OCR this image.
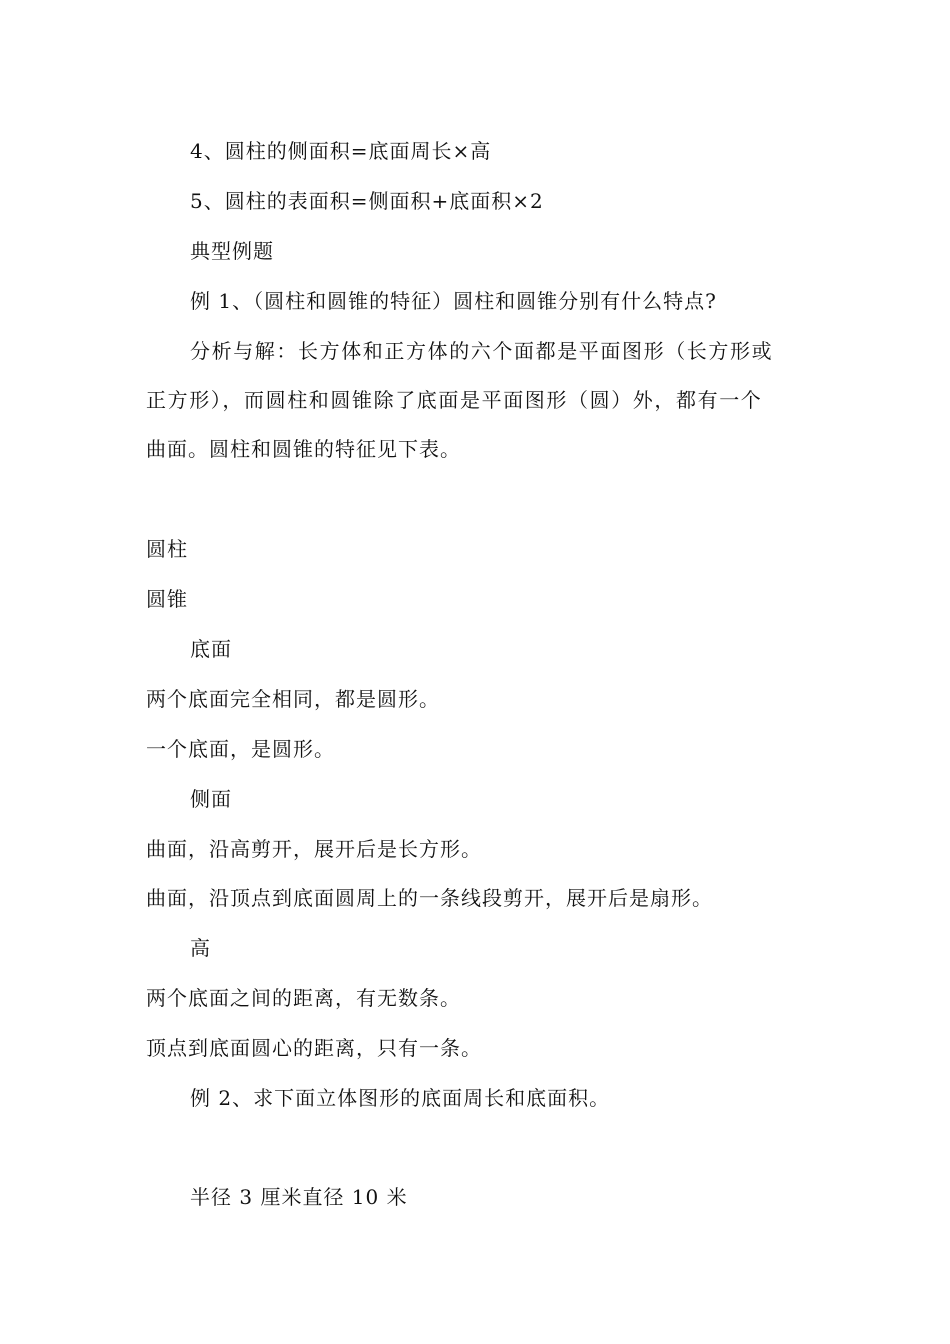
4、圆柱的侧面积=底面周长×高
5、圆柱的表面积=侧面积+底面积×2
典型例题
例 1、（圆柱和圆锥的特征）圆柱和圆锥分别有什么特点?
分析与解：长方体和正方体的六个面都是平面图形（长方形或
正方形），而圆柱和圆锥除了底面是平面图形（圆）外，都有一个
曲面。圆柱和圆锥的特征见下表。
圆柱
圆锥
底面
两个底面完全相同，都是圆形。
一个底面，是圆形。
侧面
曲面，沿高剪开，展开后是长方形。
曲面，沿顶点到底面圆周上的一条线段剪开，展开后是扇形。
高
两个底面之间的距离，有无数条。
顶点到底面圆心的距离，只有一条。
例 2、求下面立体图形的底面周长和底面积。
半径 3 厘米直径 10 米
